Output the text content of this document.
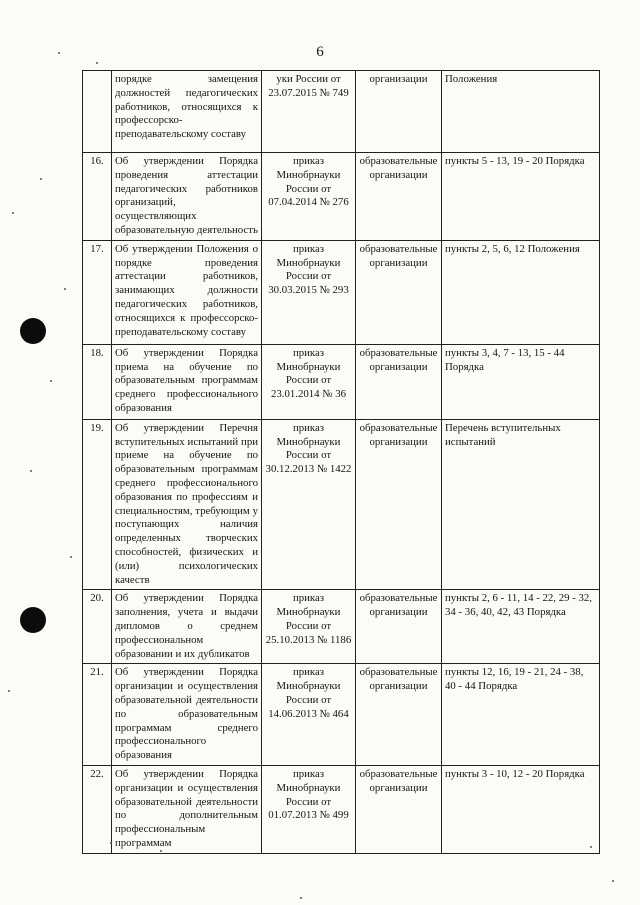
6
	порядке замещения должностей педагогических работников, относящихся к профессорско-преподавательскому составу	уки России от 23.07.2015 № 749	организации	Положения
16.	Об утверждении Порядка проведения аттестации педагогических работников организаций, осуществляющих образовательную деятельность	приказ Минобрнауки России от 07.04.2014 № 276	образовательные организации	пункты 5 - 13, 19 - 20 Порядка
17.	Об утверждении Положения о порядке проведения аттестации работников, занимающих должности педагогических работников, относящихся к профессорско-преподавательскому составу	приказ Минобрнауки России от 30.03.2015 № 293	образовательные организации	пункты 2, 5, 6, 12 Положения
18.	Об утверждении Порядка приема на обучение по образовательным программам среднего профессионального образования	приказ Минобрнауки России от 23.01.2014 № 36	образовательные организации	пункты 3, 4, 7 - 13, 15 - 44 Порядка
19.	Об утверждении Перечня вступительных испытаний при приеме на обучение по образовательным программам среднего профессионального образования по профессиям и специальностям, требующим у поступающих наличия определенных творческих способностей, физических и (или) психологических качеств	приказ Минобрнауки России от 30.12.2013 № 1422	образовательные организации	Перечень вступительных испытаний
20.	Об утверждении Порядка заполнения, учета и выдачи дипломов о среднем профессиональном образовании и их дубликатов	приказ Минобрнауки России от 25.10.2013 № 1186	образовательные организации	пункты 2, 6 - 11, 14 - 22, 29 - 32, 34 - 36, 40, 42, 43 Порядка
21.	Об утверждении Порядка организации и осуществления образовательной деятельности по образовательным программам среднего профессионального образования	приказ Минобрнауки России от 14.06.2013 № 464	образовательные организации	пункты 12, 16, 19 - 21, 24 - 38, 40 - 44 Порядка
22.	Об утверждении Порядка организации и осуществления образовательной деятельности по дополнительным профессиональным программам	приказ Минобрнауки России от 01.07.2013 № 499	образовательные организации	пункты 3 - 10, 12 - 20 Порядка
